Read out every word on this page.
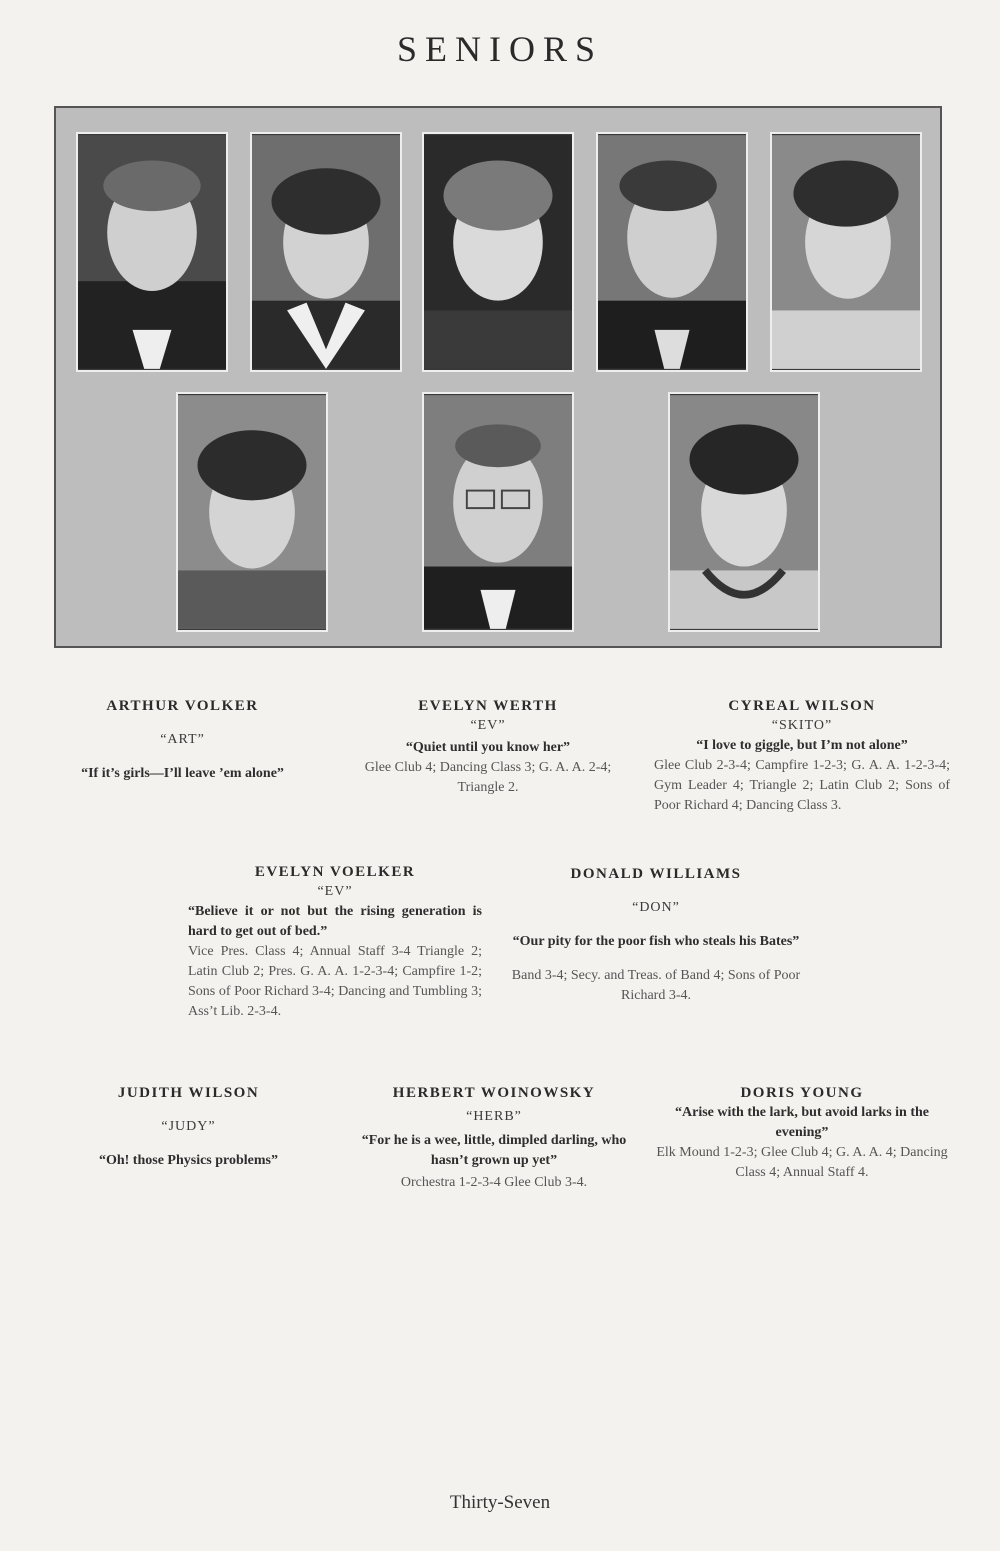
SENIORS
ARTHUR VOLKER
“ART”
“If it’s girls—I’ll leave ’em alone”
EVELYN WERTH
“EV”
“Quiet until you know her”
Glee Club 4; Dancing Class 3; G. A. A. 2-4; Triangle 2.
CYREAL WILSON
“SKITO”
“I love to giggle, but I’m not alone”
Glee Club 2-3-4; Campfire 1-2-3; G. A. A. 1-2-3-4; Gym Leader 4; Triangle 2; Latin Club 2; Sons of Poor Richard 4; Dancing Class 3.
EVELYN VOELKER
“EV”
“Believe it or not but the rising generation is hard to get out of bed.”
Vice Pres. Class 4; Annual Staff 3-4 Triangle 2; Latin Club 2; Pres. G. A. A. 1-2-3-4; Campfire 1-2; Sons of Poor Richard 3-4; Dancing and Tumbling 3; Ass’t Lib. 2-3-4.
DONALD WILLIAMS
“DON”
“Our pity for the poor fish who steals his Bates”
Band 3-4; Secy. and Treas. of Band 4; Sons of Poor Richard 3-4.
JUDITH WILSON
“JUDY”
“Oh! those Physics problems”
HERBERT WOINOWSKY
“HERB”
“For he is a wee, little, dimpled darling, who hasn’t grown up yet”
Orchestra 1-2-3-4 Glee Club 3-4.
DORIS YOUNG
“Arise with the lark, but avoid larks in the evening”
Elk Mound 1-2-3; Glee Club 4; G. A. A. 4; Dancing Class 4; Annual Staff 4.
Thirty-Seven
